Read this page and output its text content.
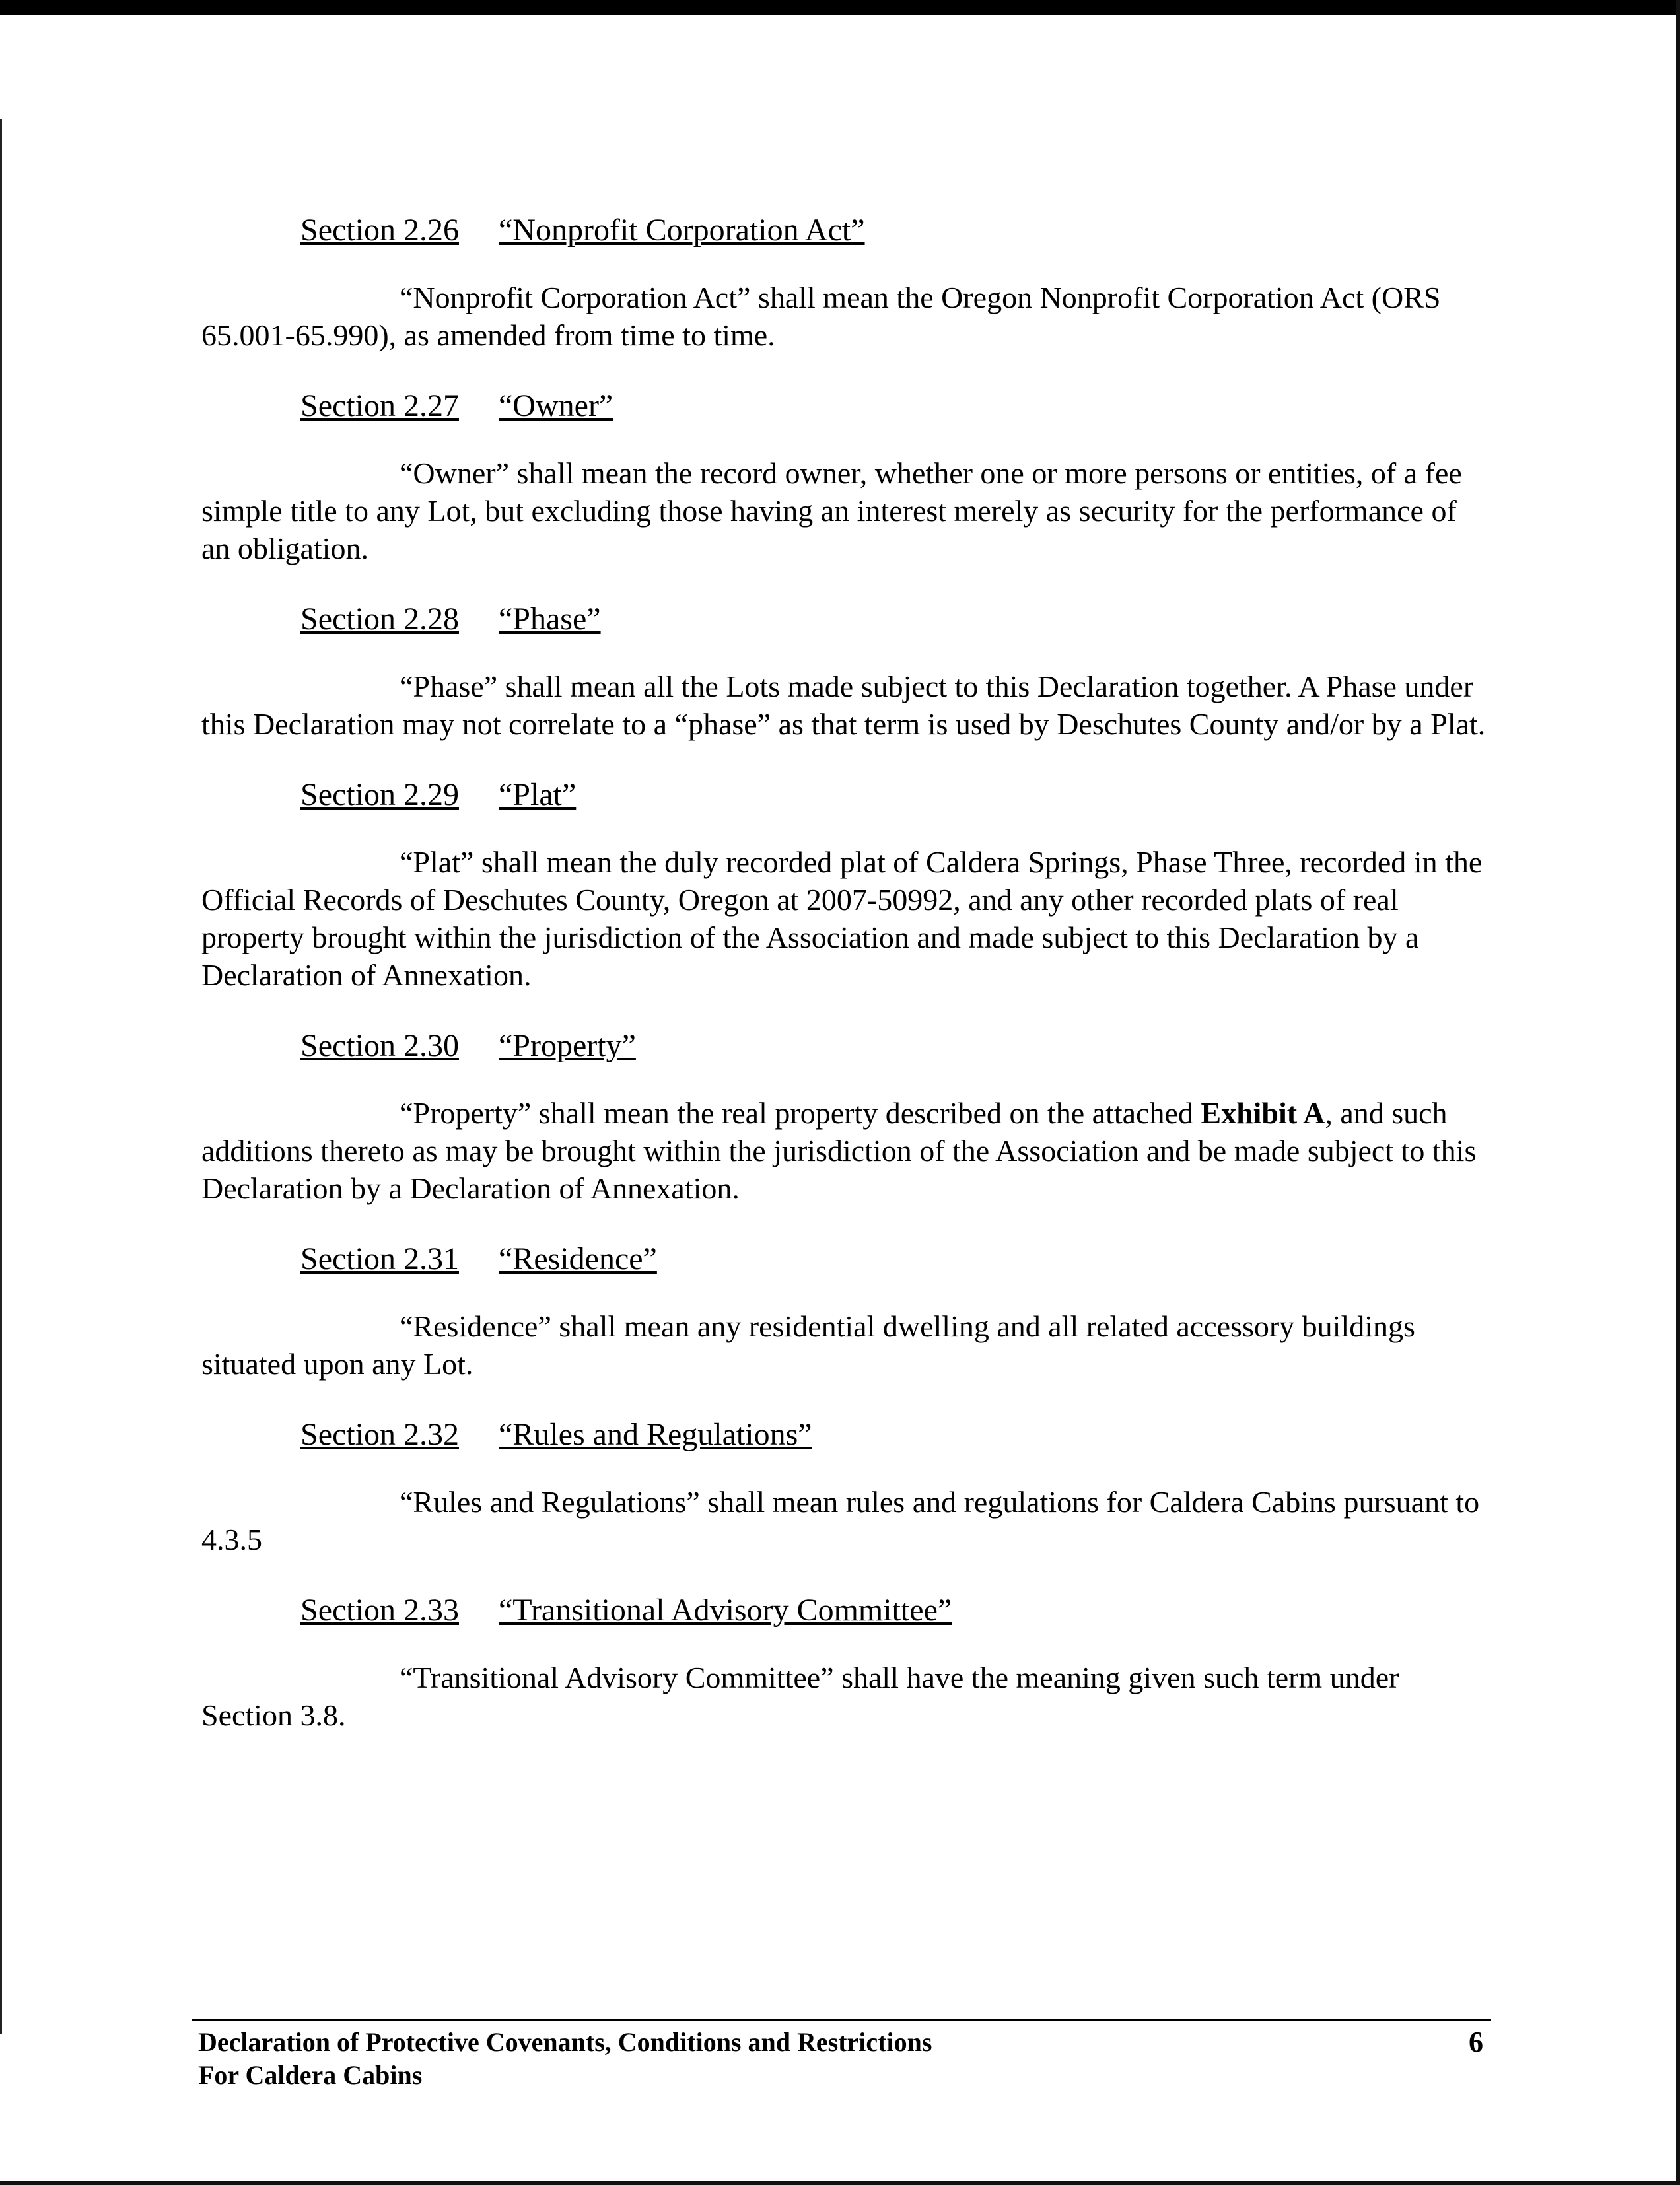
Section 2.26 “Nonprofit Corporation Act”

“Nonprofit Corporation Act” shall mean the Oregon Nonprofit Corporation Act (ORS 65.001-65.990), as amended from time to time.

Section 2.27 “Owner”

“Owner” shall mean the record owner, whether one or more persons or entities, of a fee simple title to any Lot, but excluding those having an interest merely as security for the performance of an obligation.

Section 2.28 “Phase”

“Phase” shall mean all the Lots made subject to this Declaration together. A Phase under this Declaration may not correlate to a “phase” as that term is used by Deschutes County and/or by a Plat.

Section 2.29 “Plat”

“Plat” shall mean the duly recorded plat of Caldera Springs, Phase Three, recorded in the Official Records of Deschutes County, Oregon at 2007-50992, and any other recorded plats of real property brought within the jurisdiction of the Association and made subject to this Declaration by a Declaration of Annexation.

Section 2.30 “Property”

“Property” shall mean the real property described on the attached Exhibit A, and such additions thereto as may be brought within the jurisdiction of the Association and be made subject to this Declaration by a Declaration of Annexation.

Section 2.31 “Residence”

“Residence” shall mean any residential dwelling and all related accessory buildings situated upon any Lot.

Section 2.32 “Rules and Regulations”

“Rules and Regulations” shall mean rules and regulations for Caldera Cabins pursuant to 4.3.5

Section 2.33 “Transitional Advisory Committee”

“Transitional Advisory Committee” shall have the meaning given such term under Section 3.8.

Declaration of Protective Covenants, Conditions and Restrictions
For Caldera Cabins
6
